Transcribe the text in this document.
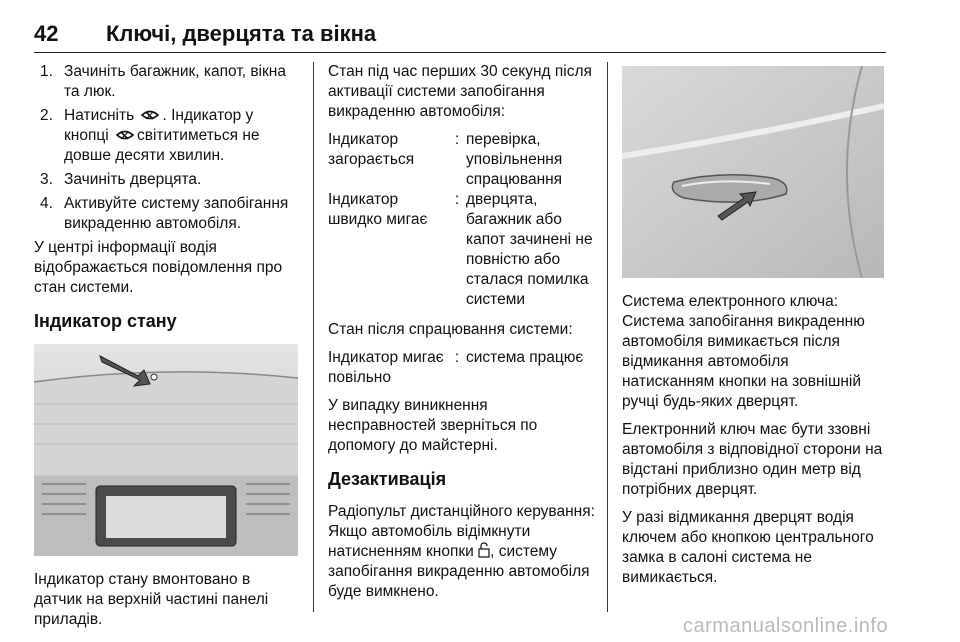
42 Ключі, дверцята та вікна
1. Зачиніть багажник, капот, вікна та люк.
2. Натисніть . Індикатор у кнопці світитиметься не довше десяти хвилин.
3. Зачиніть дверцята.
4. Активуйте систему запобігання викраденню автомобіля.

У центрі інформації водія відображається повідомлення про стан системи.

Індикатор стану

Індикатор стану вмонтовано в датчик на верхній частині панелі приладів.

Стан під час перших 30 секунд після активації системи запобігання викраденню автомобіля:

Індикатор загорається	:	перевірка, уповільнення спрацювання
Індикатор швидко мигає	:	дверцята, багажник або капот зачинені не повністю або сталася помилка системи

Стан після спрацювання системи:

Індикатор мигає повільно	:	система працює

У випадку виникнення несправностей зверніться по допомогу до майстерні.

Дезактивація

Радіопульт дистанційного керування: Якщо автомобіль відімкнути натисненням кнопки , систему запобігання викраденню автомобіля буде вимкнено.

Система електронного ключа: Система запобігання викраденню автомобіля вимикається після відмикання автомобіля натисканням кнопки на зовнішній ручці будь-яких дверцят.

Електронний ключ має бути ззовні автомобіля з відповідної сторони на відстані приблизно один метр від потрібних дверцят.

У разі відмикання дверцят водія ключем або кнопкою центрального замка в салоні система не вимикається.

carmanualsonline.info
